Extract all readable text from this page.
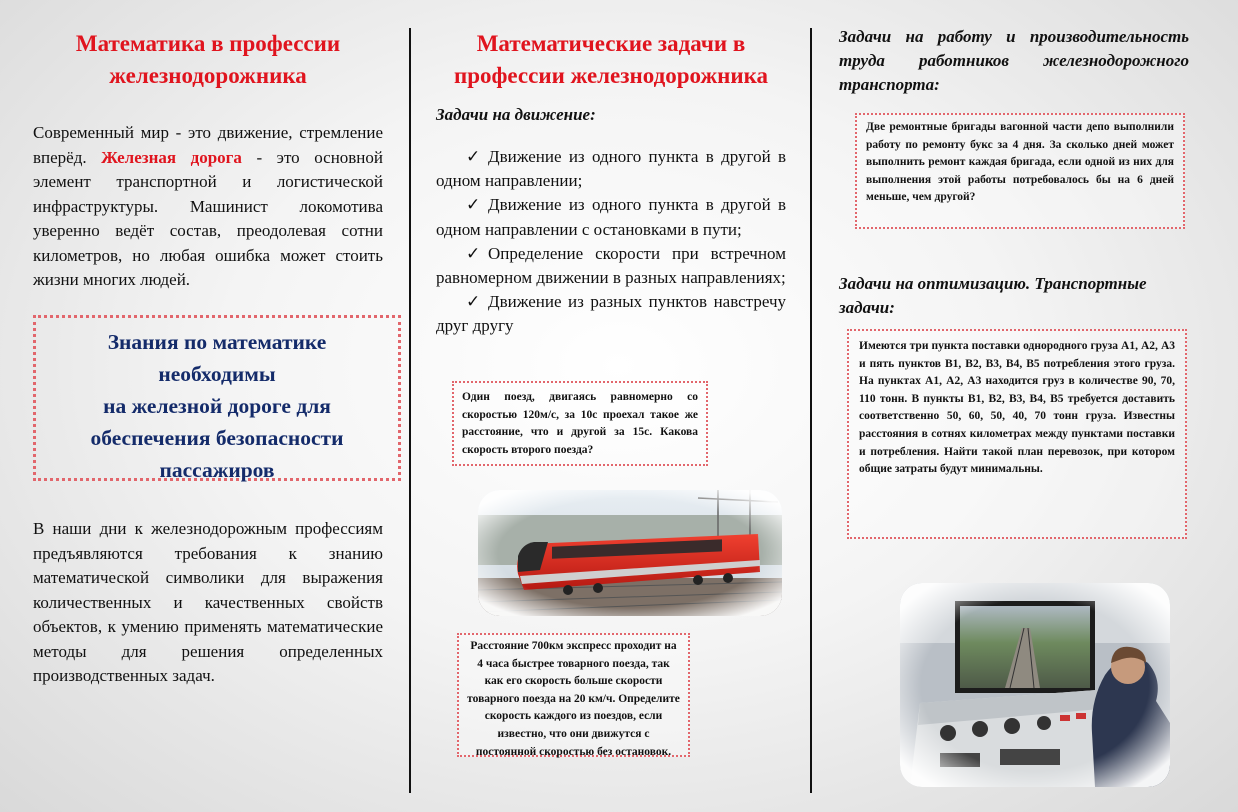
Математика в профессии железнодорожника

Современный мир - это движение, стремление вперёд. Железная дорога - это основной элемент транспортной и логистической инфраструктуры. Машинист локомотива уверенно ведёт состав, преодолевая сотни километров, но любая ошибка может стоить жизни многих людей.

Знания по математике
необходимы
на железной дороге для
обеспечения безопасности
пассажиров

В наши дни к железнодорожным профессиям предъявляются требования к знанию математической символики для выражения количественных и качественных свойств объектов, к умению применять математические методы для решения определенных производственных задач.

Математические задачи в профессии железнодорожника
Задачи на движение:
✓ Движение из одного пункта в другой в одном направлении;
✓ Движение из одного пункта в другой в одном направлении с остановками в пути;
✓ Определение скорости при встречном равномерном движении в разных направлениях;
✓ Движение из разных пунктов навстречу друг другу
Один поезд, двигаясь равномерно со скоростью 120м/с, за 10с проехал такое же расстояние, что и другой за 15с. Какова скорость второго поезда?
Расстояние 700км экспресс проходит на 4 часа быстрее товарного поезда, так как его скорость больше скорости товарного поезда на 20 км/ч. Определите скорость каждого из поездов, если известно, что они движутся с постоянной скоростью без остановок.
Задачи на работу и производительность труда работников железнодорожного транспорта:
Две ремонтные бригады вагонной части депо выполнили работу по ремонту букс за 4 дня. За сколько дней может выполнить ремонт каждая бригада, если одной из них для выполнения этой работы потребовалось бы на 6 дней меньше, чем другой?
Задачи на оптимизацию. Транспортные задачи:
Имеются три пункта поставки однородного груза А1, А2, А3 и пять пунктов В1, В2, В3, В4, В5 потребления этого груза. На пунктах А1, А2, А3 находится груз в количестве 90, 70, 110 тонн. В пункты В1, В2, В3, В4, В5 требуется доставить соответственно 50, 60, 50, 40, 70 тонн груза. Известны расстояния в сотнях километрах между пунктами поставки и потребления. Найти такой план перевозок, при котором общие затраты будут минимальны.
